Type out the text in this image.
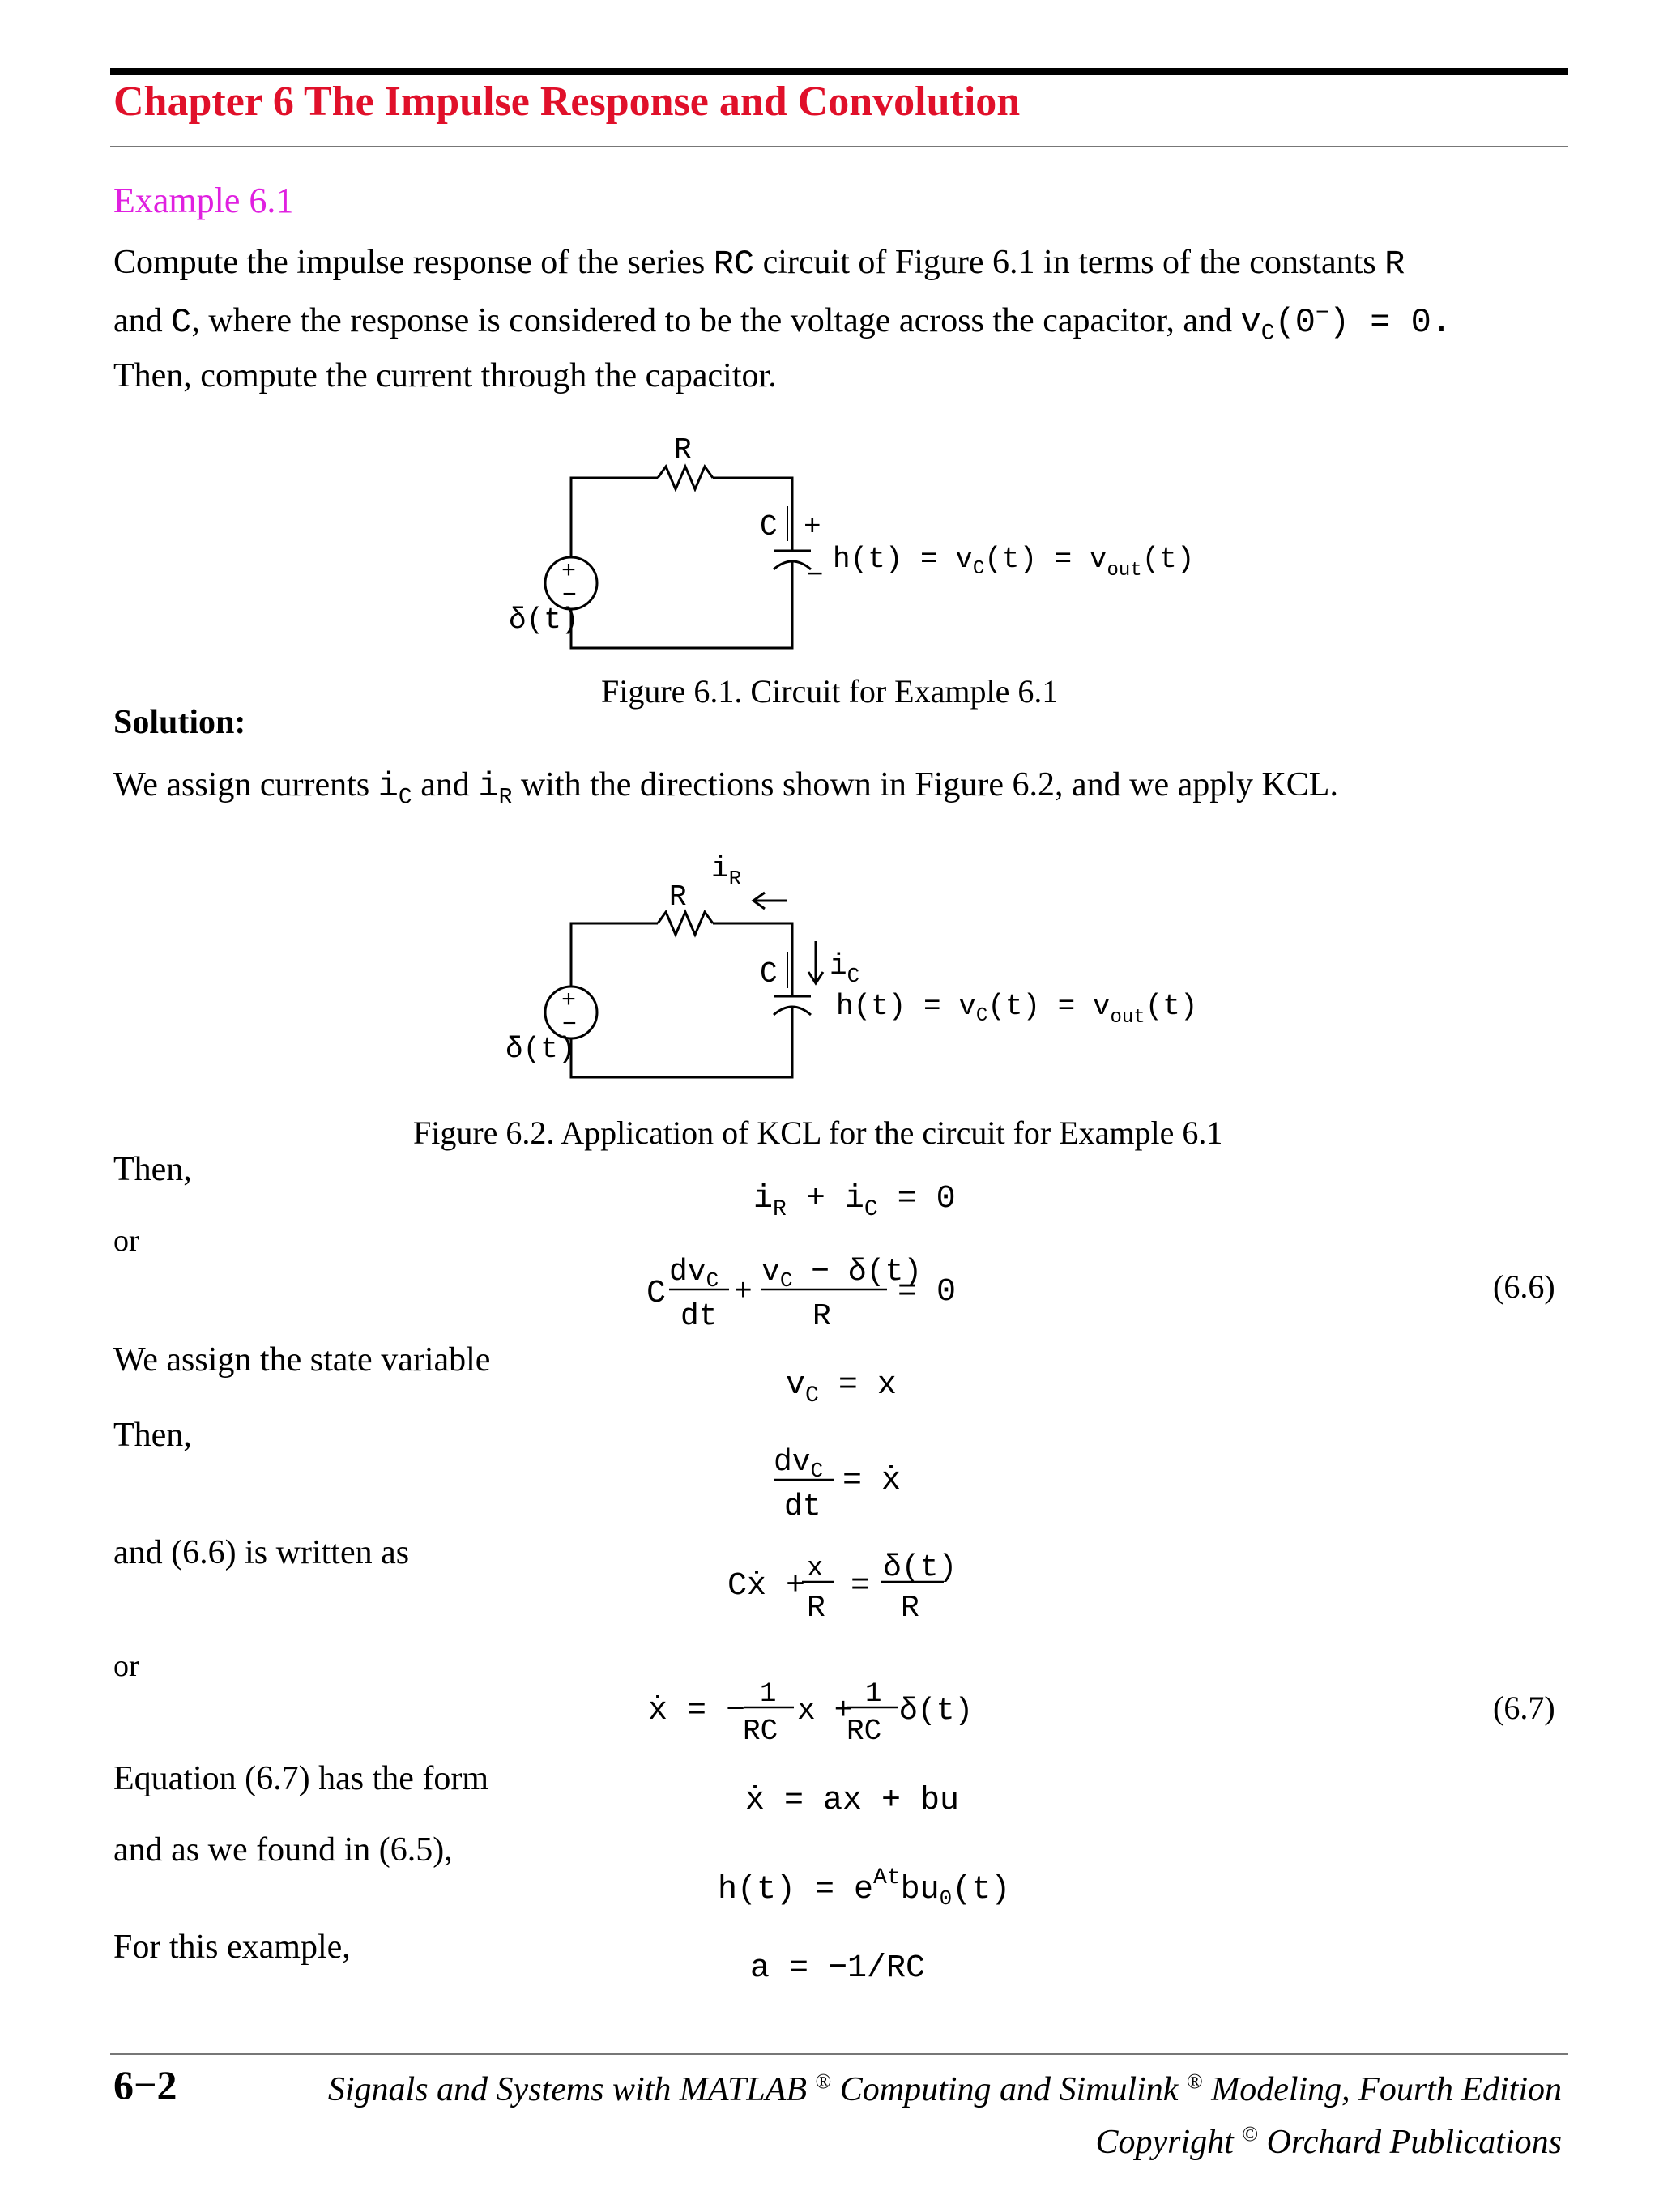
Chapter 6 The Impulse Response and Convolution
Example 6.1
Compute the impulse response of the series RC circuit of Figure 6.1 in terms of the constants R
and C, where the response is considered to be the voltage across the capacitor, and $v_C(0^-) = 0$.
Then, compute the current through the capacitor.
R
C +
−
+
−
δ(t)
$h(t) = v_C(t) = v_{out}(t)$
Figure 6.1. Circuit for Example 6.1
Solution:
We assign currents $i_C$ and $i_R$ with the directions shown in Figure 6.2, and we apply KCL.
R
$i_R$
C $i_C$
+
−
δ(t)
$h(t) = v_C(t) = v_{out}(t)$
Figure 6.2. Application of KCL for the circuit for Example 6.1
Then,
or
We assign the state variable
Then,
and (6.6) is written as
or
Equation (6.7) has the form
and as we found in (6.5),
For this example,
$i_R + i_C = 0$
C
$dv_C$
dt
+
$v_C - \delta(t)$
R
= 0	(6.6)
$v_C = x$
$dv_C$
dt
= ẋ
Cẋ + x
R
=
δ(t)
R
ẋ = − 1
RC
x + 1
RC
δ(t)	(6.7)
ẋ = ax + bu
$h(t) = e^{At}bu_0(t)$
a = −1/RC
6−2	Signals and Systems with MATLAB ® Computing and Simulink ® Modeling, Fourth Edition
Copyright © Orchard Publications
